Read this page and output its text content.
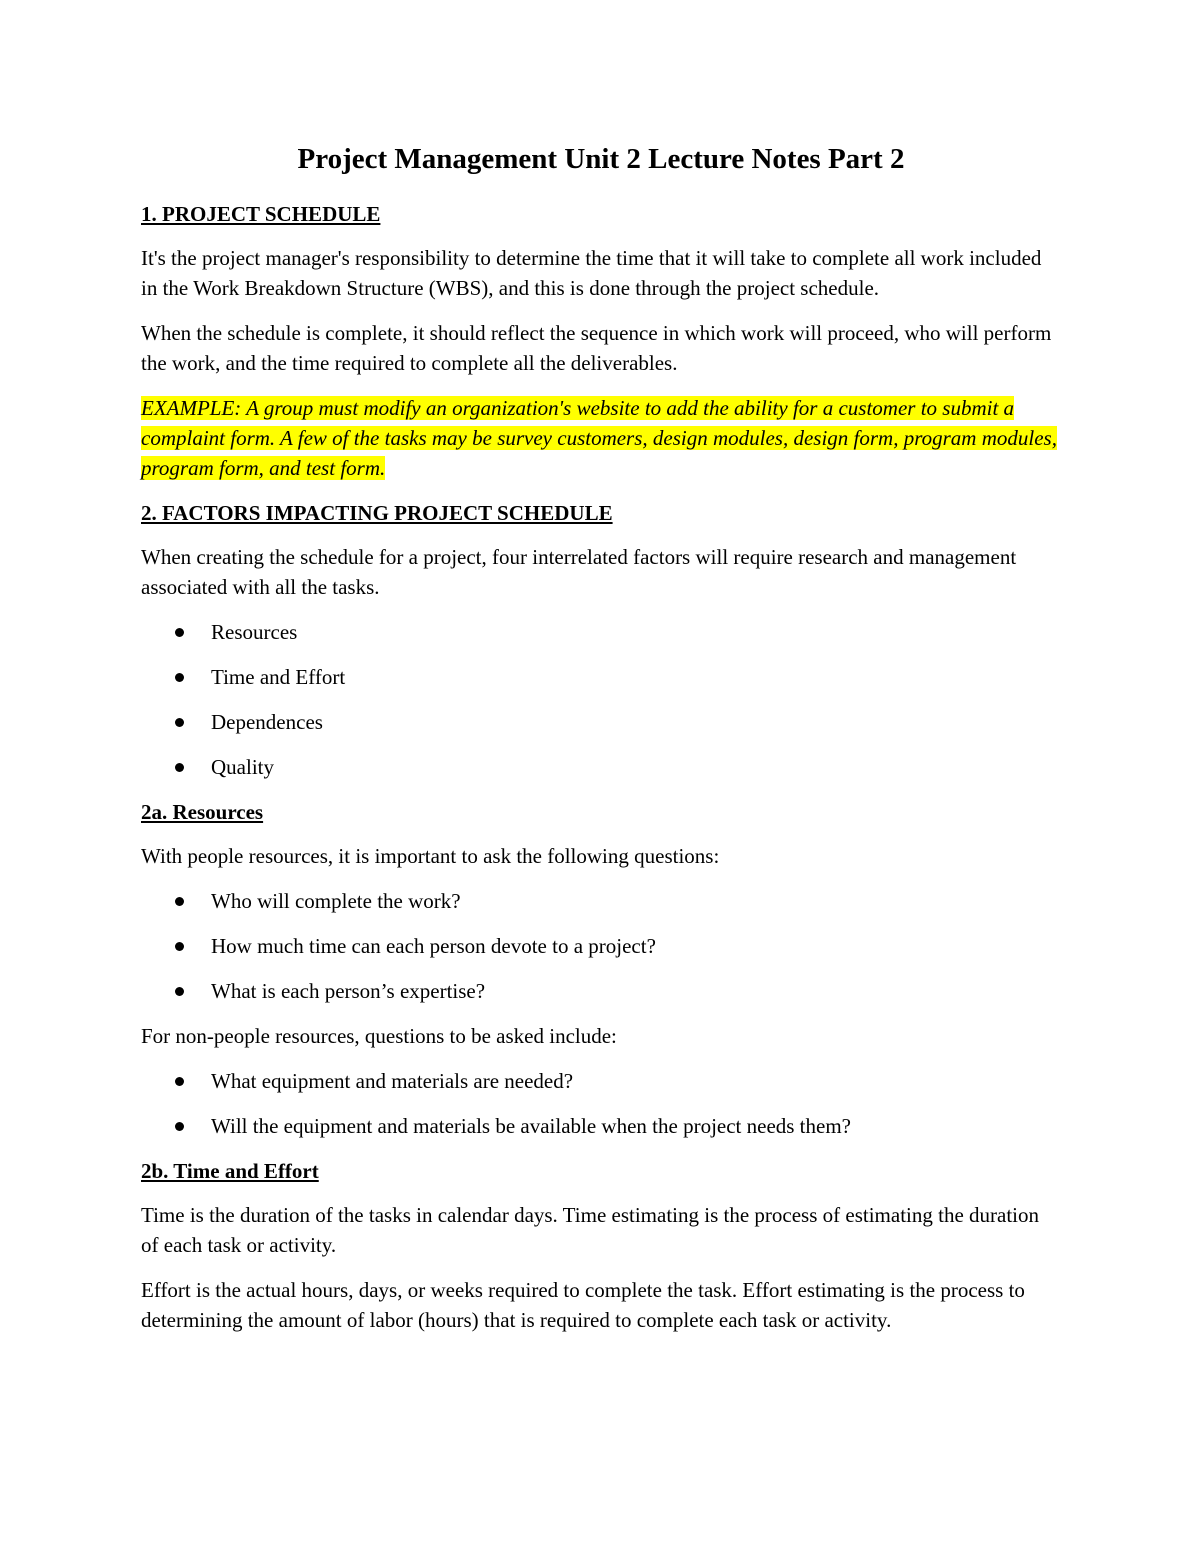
Project Management Unit 2 Lecture Notes Part 2
1. PROJECT SCHEDULE

It's the project manager's responsibility to determine the time that it will take to complete all work included in the Work Breakdown Structure (WBS), and this is done through the project schedule.

When the schedule is complete, it should reflect the sequence in which work will proceed, who will perform the work, and the time required to complete all the deliverables.

EXAMPLE: A group must modify an organization's website to add the ability for a customer to submit a complaint form. A few of the tasks may be survey customers, design modules, design form, program modules, program form, and test form.

2. FACTORS IMPACTING PROJECT SCHEDULE

When creating the schedule for a project, four interrelated factors will require research and management associated with all the tasks.

Resources
Time and Effort
Dependences
Quality
2a. Resources

With people resources, it is important to ask the following questions:

Who will complete the work?
How much time can each person devote to a project?
What is each person’s expertise?

For non-people resources, questions to be asked include:

What equipment and materials are needed?
Will the equipment and materials be available when the project needs them?
2b. Time and Effort

Time is the duration of the tasks in calendar days. Time estimating is the process of estimating the duration of each task or activity.

Effort is the actual hours, days, or weeks required to complete the task. Effort estimating is the process to determining the amount of labor (hours) that is required to complete each task or activity.
